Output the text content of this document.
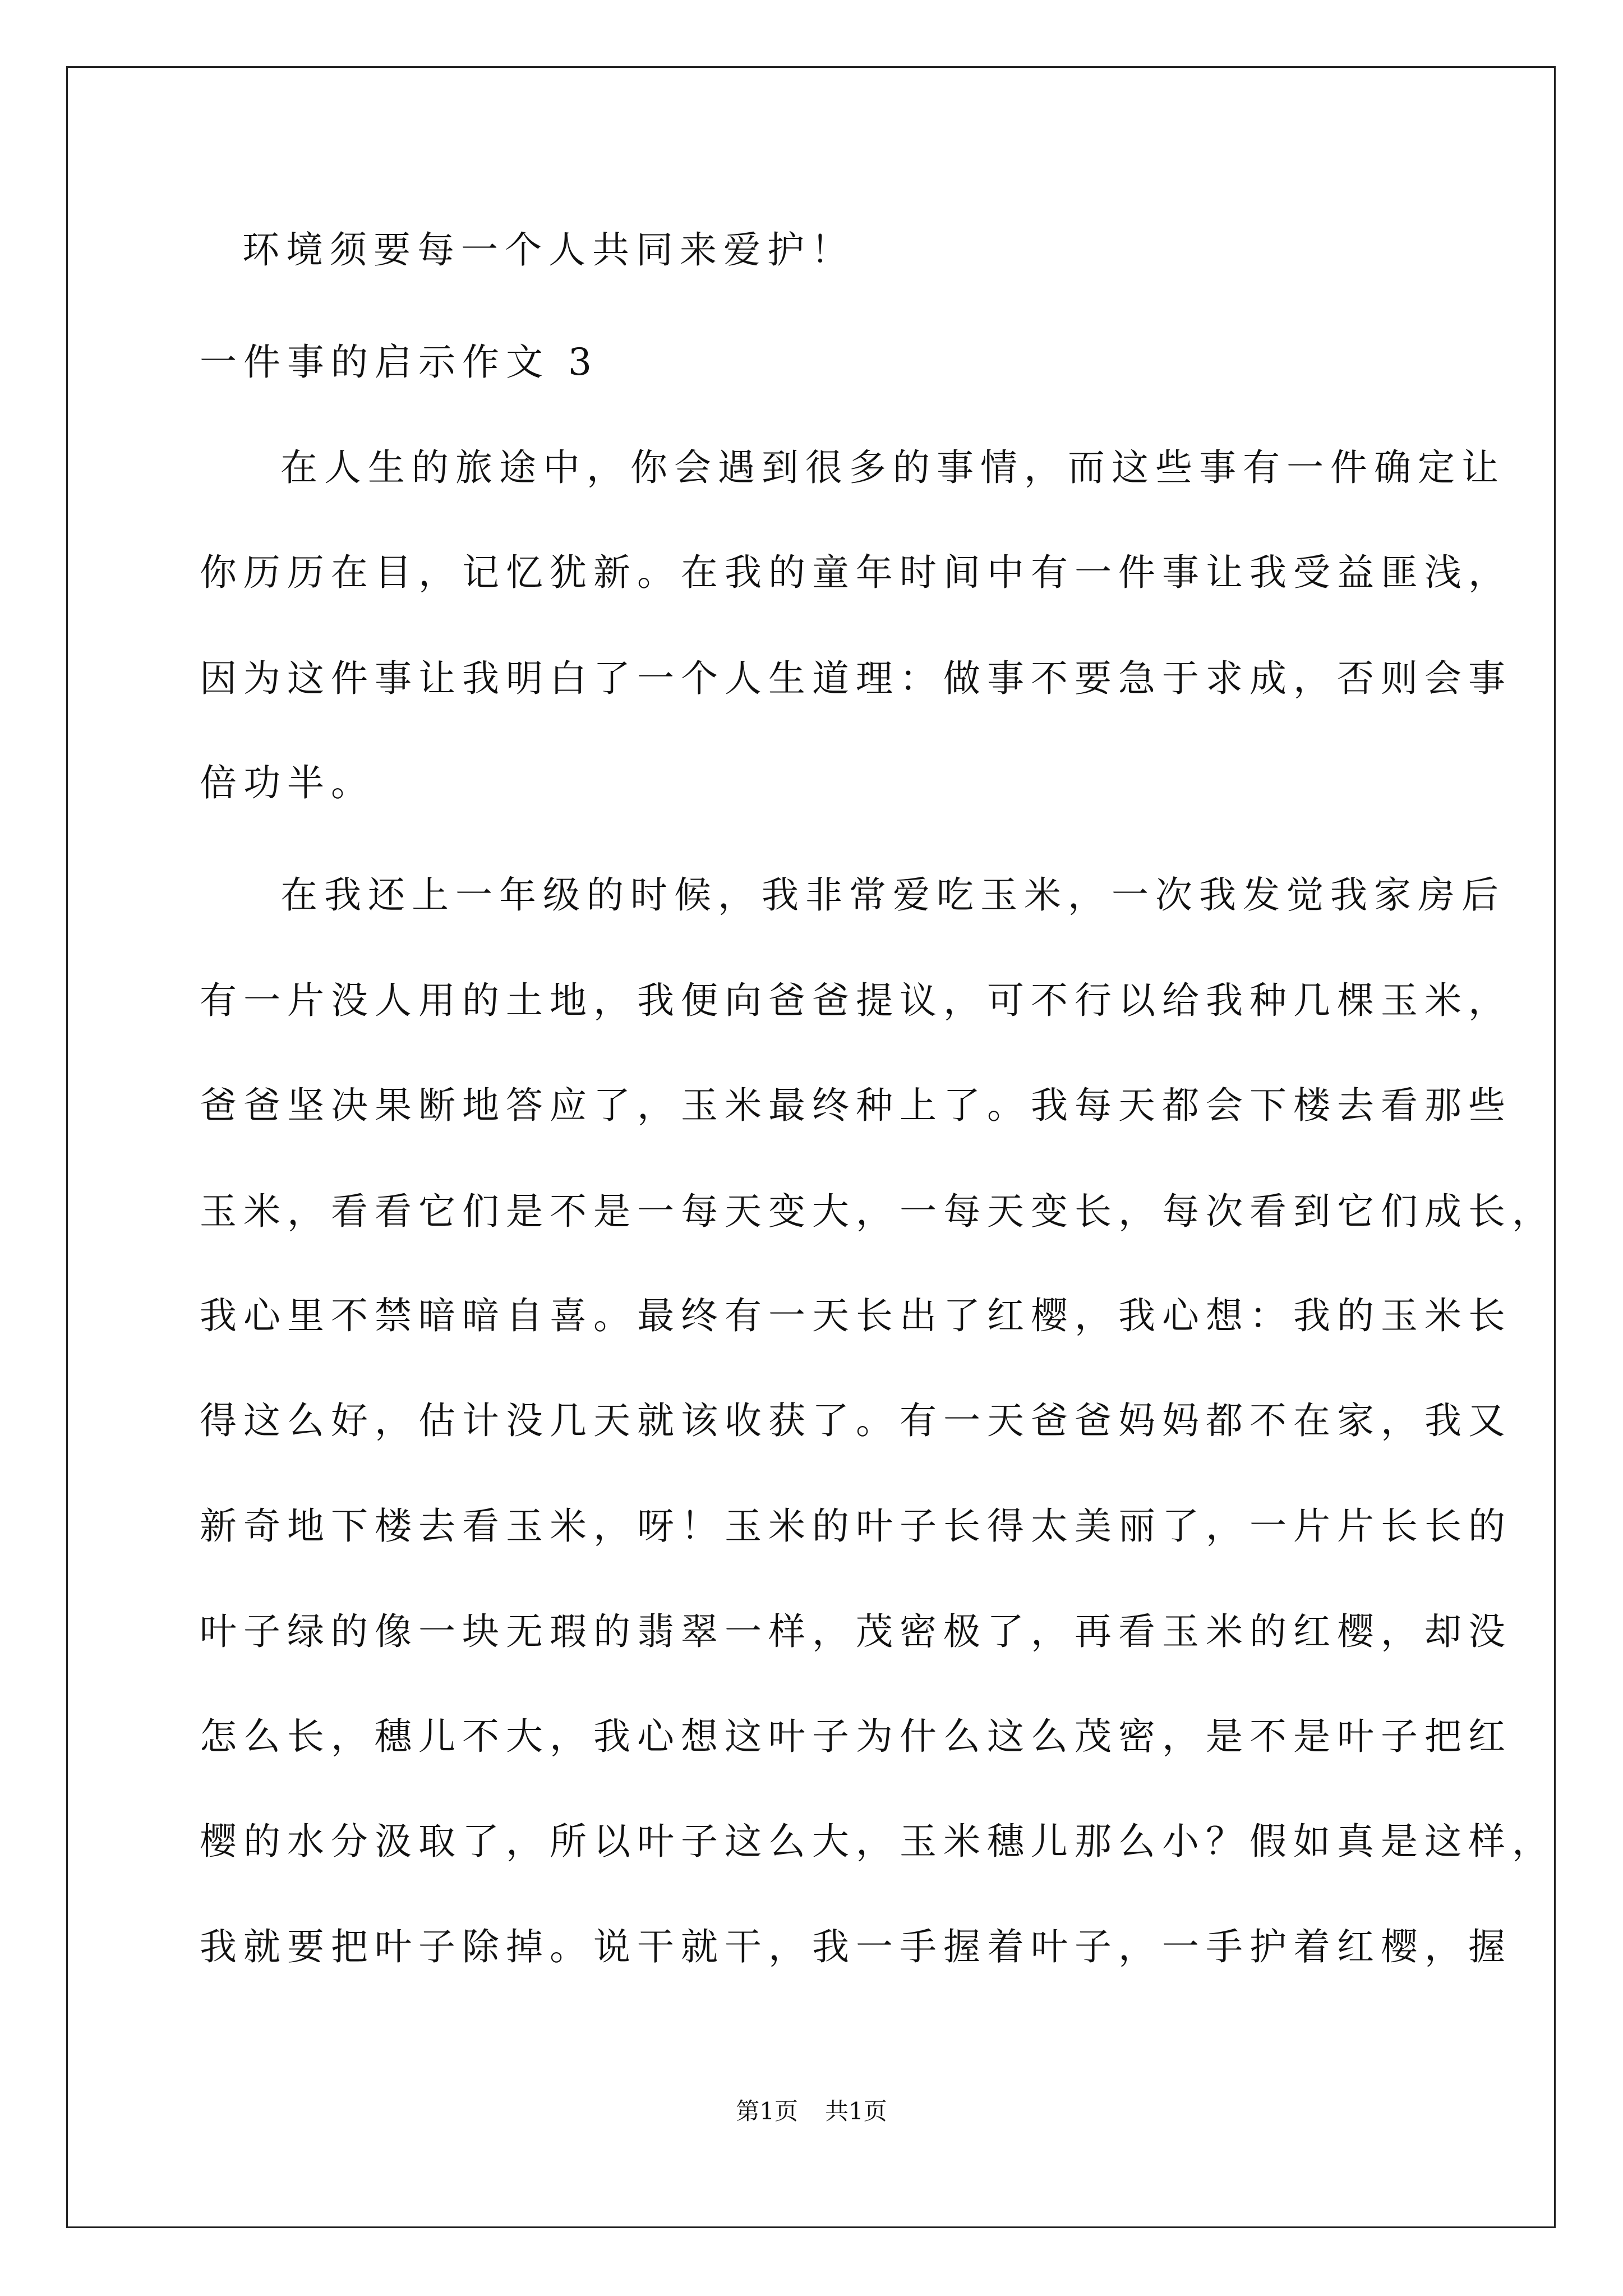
环境须要每一个人共同来爱护！
一件事的启示作文 3
在人生的旅途中，你会遇到很多的事情，而这些事有一件确定让
你历历在目，记忆犹新。在我的童年时间中有一件事让我受益匪浅，
因为这件事让我明白了一个人生道理：做事不要急于求成，否则会事
倍功半。
在我还上一年级的时候，我非常爱吃玉米，一次我发觉我家房后
有一片没人用的土地，我便向爸爸提议，可不行以给我种几棵玉米，
爸爸坚决果断地答应了，玉米最终种上了。我每天都会下楼去看那些
玉米，看看它们是不是一每天变大，一每天变长，每次看到它们成长，
我心里不禁暗暗自喜。最终有一天长出了红樱，我心想：我的玉米长
得这么好，估计没几天就该收获了。有一天爸爸妈妈都不在家，我又
新奇地下楼去看玉米，呀！玉米的叶子长得太美丽了，一片片长长的
叶子绿的像一块无瑕的翡翠一样，茂密极了，再看玉米的红樱，却没
怎么长，穗儿不大，我心想这叶子为什么这么茂密，是不是叶子把红
樱的水分汲取了，所以叶子这么大，玉米穗儿那么小？假如真是这样，
我就要把叶子除掉。说干就干，我一手握着叶子，一手护着红樱，握
第1页 共1页
